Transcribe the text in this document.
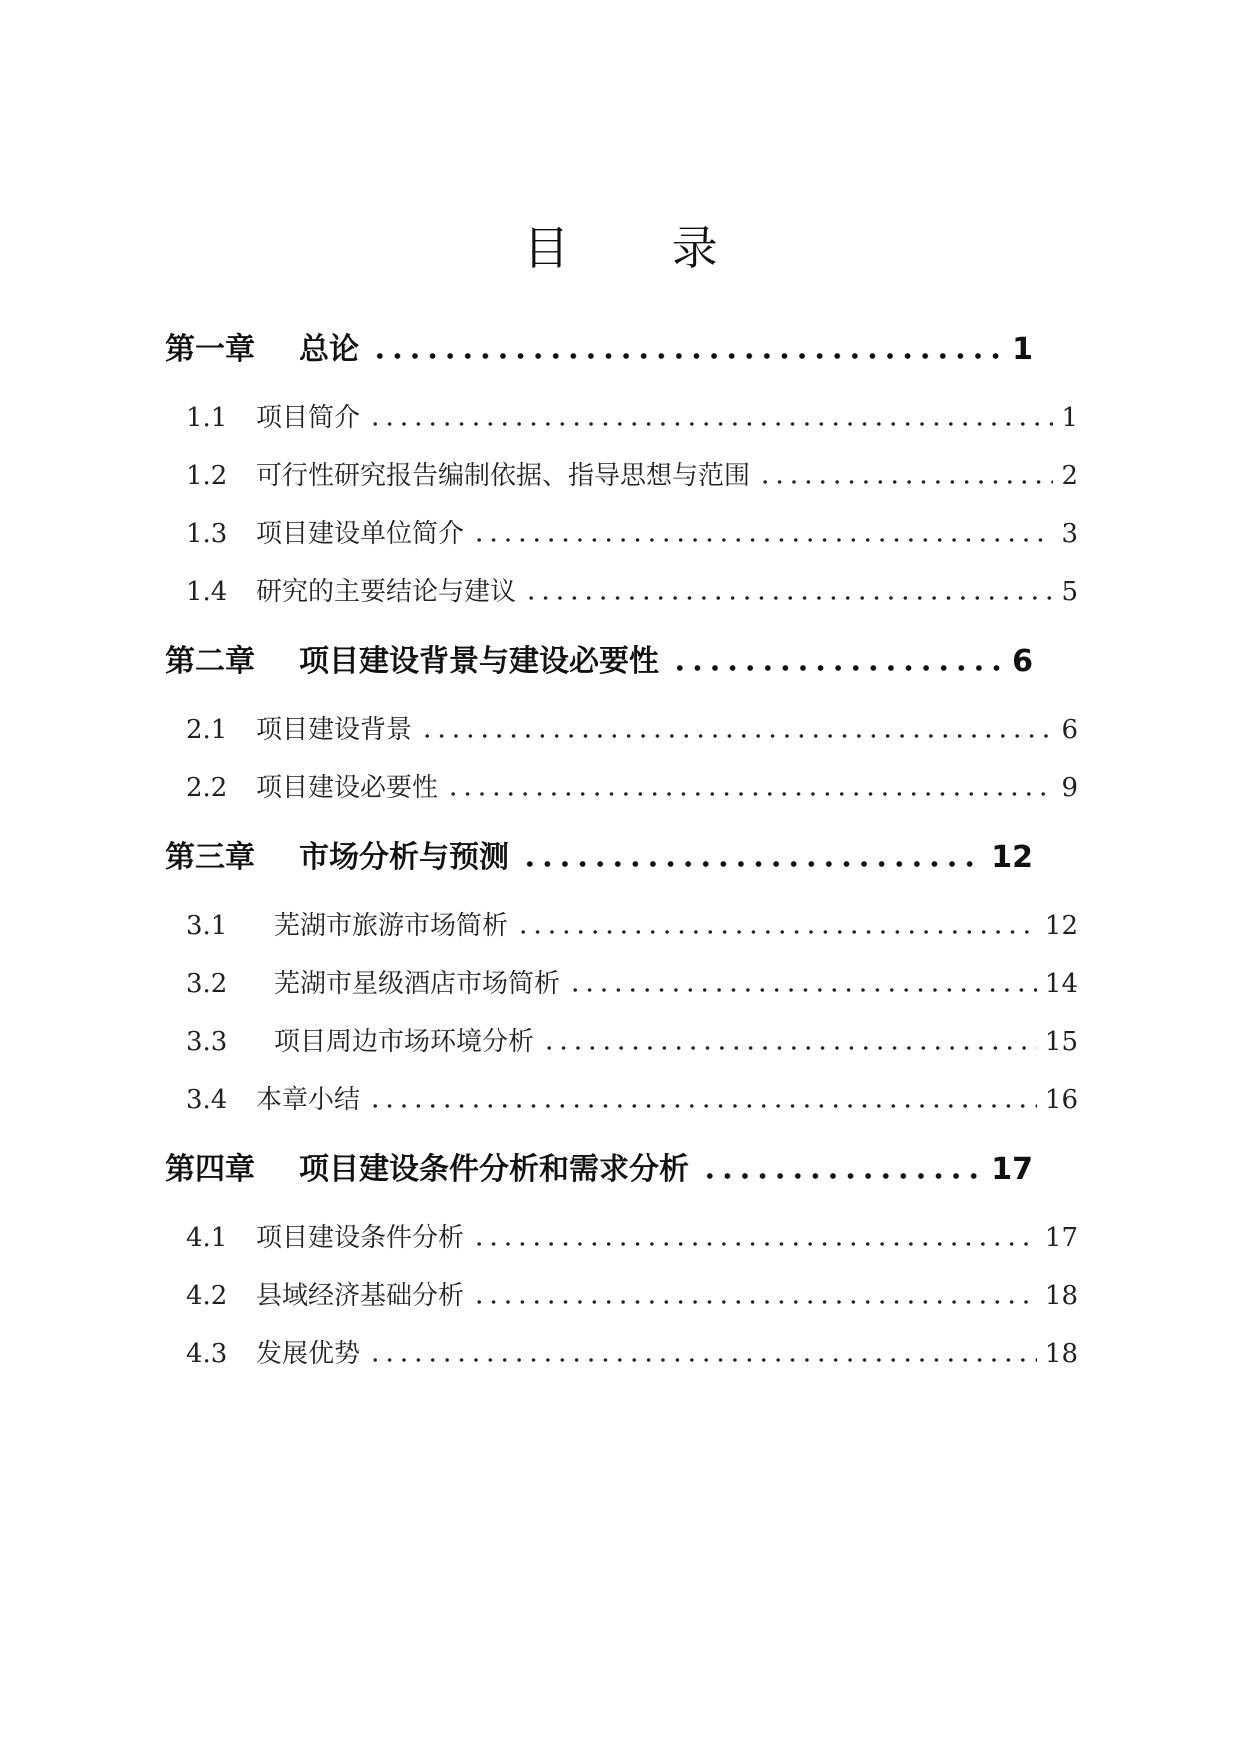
目 录
第一章	总论	1
1.1	项目简介	1
1.2	可行性研究报告编制依据、指导思想与范围	2
1.3	项目建设单位简介	3
1.4	研究的主要结论与建议	5
第二章	项目建设背景与建设必要性	6
2.1	项目建设背景	6
2.2	项目建设必要性	9
第三章	市场分析与预测	12
3.1	芜湖市旅游市场简析	12
3.2	芜湖市星级酒店市场简析	14
3.3	项目周边市场环境分析	15
3.4	本章小结	16
第四章	项目建设条件分析和需求分析	17
4.1	项目建设条件分析	17
4.2	县域经济基础分析	18
4.3	发展优势	18
